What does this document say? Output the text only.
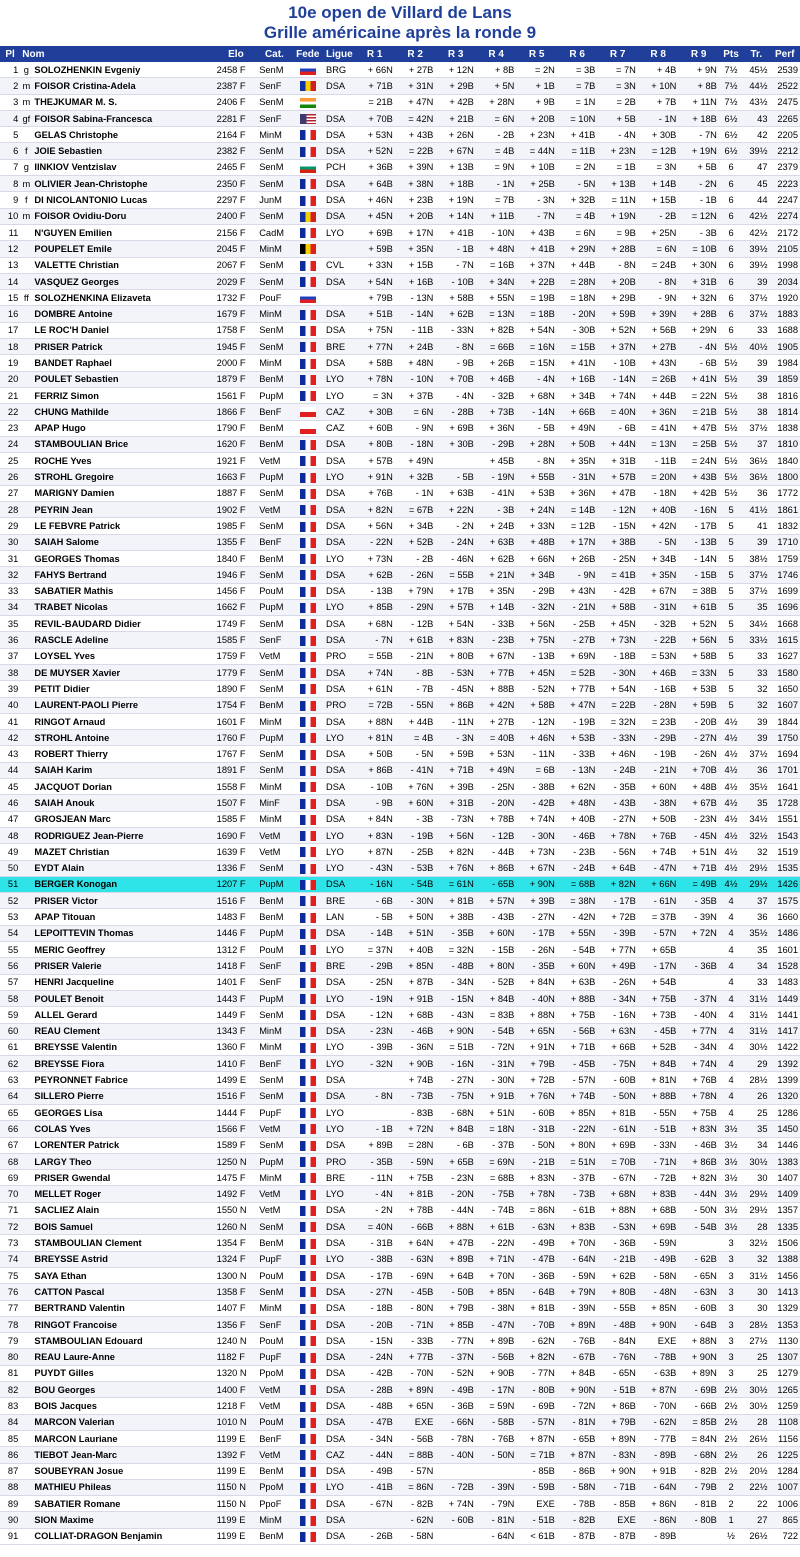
10e open de Villard de Lans
Grille américaine après la ronde 9
Pl	Nom		Elo	Cat.	Fede	Ligue	R 1	R 2	R 3	R 4	R 5	R 6	R 7	R 8	R 9	Pts	Tr.	Perf
1	g	SOLOZHENKIN Evgeniy	2458 F	SenM		BRG	+ 66N	+ 27B	+ 12N	+ 8B	= 2N	= 3B	= 7N	+ 4B	+ 9N	7½	45½	2539
2	m	FOISOR Cristina-Adela	2387 F	SenF		DSA	+ 71B	+ 31N	+ 29B	+ 5N	+ 1B	= 7B	= 3N	+ 10N	+ 8B	7½	44½	2522
3	m	THEJKUMAR M. S.	2406 F	SenM			= 21B	+ 47N	+ 42B	+ 28N	+ 9B	= 1N	= 2B	+ 7B	+ 11N	7½	43½	2475
4	gf	FOISOR Sabina-Francesca	2281 F	SenF		DSA	+ 70B	= 42N	+ 21B	= 6N	+ 20B	= 10N	+ 5B	- 1N	+ 18B	6½	43	2265
5		GELAS Christophe	2164 F	MinM		DSA	+ 53N	+ 43B	+ 26N	- 2B	+ 23N	+ 41B	- 4N	+ 30B	- 7N	6½	42	2205
6	f	JOIE Sebastien	2382 F	SenM		DSA	+ 52N	= 22B	+ 67N	= 4B	= 44N	= 11B	+ 23N	= 12B	+ 19N	6½	39½	2212
7	g	IINKIOV Ventzislav	2465 F	SenM		PCH	+ 36B	+ 39N	+ 13B	= 9N	+ 10B	= 2N	= 1B	= 3N	+ 5B	6	47	2379
8	m	OLIVIER Jean-Christophe	2350 F	SenM		DSA	+ 64B	+ 38N	+ 18B	- 1N	+ 25B	- 5N	+ 13B	+ 14B	- 2N	6	45	2223
9	f	DI NICOLANTONIO Lucas	2297 F	JunM		DSA	+ 46N	+ 23B	+ 19N	= 7B	- 3N	+ 32B	= 11N	+ 15B	- 1B	6	44	2247
10	m	FOISOR Ovidiu-Doru	2400 F	SenM		DSA	+ 45N	+ 20B	+ 14N	+ 11B	- 7N	= 4B	+ 19N	- 2B	= 12N	6	42½	2274
11		N'GUYEN Emilien	2156 F	CadM		LYO	+ 69B	+ 17N	+ 41B	- 10N	+ 43B	= 6N	= 9B	+ 25N	- 3B	6	42½	2172
12		POUPELET Emile	2045 F	MinM			+ 59B	+ 35N	- 1B	+ 48N	+ 41B	+ 29N	+ 28B	= 6N	= 10B	6	39½	2105
13		VALETTE Christian	2067 F	SenM		CVL	+ 33N	+ 15B	- 7N	= 16B	+ 37N	+ 44B	- 8N	= 24B	+ 30N	6	39½	1998
14		VASQUEZ Georges	2029 F	SenM		DSA	+ 54N	+ 16B	- 10B	+ 34N	+ 22B	= 28N	+ 20B	- 8N	+ 31B	6	39	2034
15	ff	SOLOZHENKINA Elizaveta	1732 F	PouF			+ 79B	- 13N	+ 58B	+ 55N	= 19B	= 18N	+ 29B	- 9N	+ 32N	6	37½	1920
16		DOMBRE Antoine	1679 F	MinM		DSA	+ 51B	- 14N	+ 62B	= 13N	= 18B	- 20N	+ 59B	+ 39N	+ 28B	6	37½	1883
17		LE ROC'H Daniel	1758 F	SenM		DSA	+ 75N	- 11B	- 33N	+ 82B	+ 54N	- 30B	+ 52N	+ 56B	+ 29N	6	33	1688
18		PRISER Patrick	1945 F	SenM		BRE	+ 77N	+ 24B	- 8N	= 66B	= 16N	= 15B	+ 37N	+ 27B	- 4N	5½	40½	1905
19		BANDET Raphael	2000 F	MinM		DSA	+ 58B	+ 48N	- 9B	+ 26B	= 15N	+ 41N	- 10B	+ 43N	- 6B	5½	39	1984
20		POULET Sebastien	1879 F	BenM		LYO	+ 78N	- 10N	+ 70B	+ 46B	- 4N	+ 16B	- 14N	= 26B	+ 41N	5½	39	1859
21		FERRIZ Simon	1561 F	PupM		LYO	= 3N	+ 37B	- 4N	- 32B	+ 68N	+ 34B	+ 74N	+ 44B	= 22N	5½	38	1816
22		CHUNG Mathilde	1866 F	BenF		CAZ	+ 30B	= 6N	- 28B	+ 73B	- 14N	+ 66B	= 40N	+ 36N	= 21B	5½	38	1814
23		APAP Hugo	1790 F	BenM		CAZ	+ 60B	- 9N	+ 69B	+ 36N	- 5B	+ 49N	- 6B	= 41N	+ 47B	5½	37½	1838
24		STAMBOULIAN Brice	1620 F	BenM		DSA	+ 80B	- 18N	+ 30B	- 29B	+ 28N	+ 50B	+ 44N	= 13N	= 25B	5½	37	1810
25		ROCHE Yves	1921 F	VetM		DSA	+ 57B	+ 49N		+ 45B	- 8N	+ 35N	+ 31B	- 11B	= 24N	5½	36½	1840
26		STROHL Gregoire	1663 F	PupM		LYO	+ 91N	+ 32B	- 5B	- 19N	+ 55B	- 31N	+ 57B	= 20N	+ 43B	5½	36½	1800
27		MARIGNY Damien	1887 F	SenM		DSA	+ 76B	- 1N	+ 63B	- 41N	+ 53B	+ 36N	+ 47B	- 18N	+ 42B	5½	36	1772
28		PEYRIN Jean	1902 F	VetM		DSA	+ 82N	= 67B	+ 22N	- 3B	+ 24N	= 14B	- 12N	+ 40B	- 16N	5	41½	1861
29		LE FEBVRE Patrick	1985 F	SenM		DSA	+ 56N	+ 34B	- 2N	+ 24B	+ 33N	= 12B	- 15N	+ 42N	- 17B	5	41	1832
30		SAIAH Salome	1355 F	BenF		DSA	- 22N	+ 52B	- 24N	+ 63B	+ 48B	+ 17N	+ 38B	- 5N	- 13B	5	39	1710
31		GEORGES Thomas	1840 F	BenM		LYO	+ 73N	- 2B	- 46N	+ 62B	+ 66N	+ 26B	- 25N	+ 34B	- 14N	5	38½	1759
32		FAHYS Bertrand	1946 F	SenM		DSA	+ 62B	- 26N	= 55B	+ 21N	+ 34B	- 9N	= 41B	+ 35N	- 15B	5	37½	1746
33		SABATIER Mathis	1456 F	PouM		DSA	- 13B	+ 79N	+ 17B	+ 35N	- 29B	+ 43N	- 42B	+ 67N	= 38B	5	37½	1699
34		TRABET Nicolas	1662 F	PupM		LYO	+ 85B	- 29N	+ 57B	+ 14B	- 32N	- 21N	+ 58B	- 31N	+ 61B	5	35	1696
35		REVIL-BAUDARD Didier	1749 F	SenM		DSA	+ 68N	- 12B	+ 54N	- 33B	+ 56N	- 25B	+ 45N	- 32B	+ 52N	5	34½	1668
36		RASCLE Adeline	1585 F	SenF		DSA	- 7N	+ 61B	+ 83N	- 23B	+ 75N	- 27B	+ 73N	- 22B	+ 56N	5	33½	1615
37		LOYSEL Yves	1759 F	VetM		PRO	= 55B	- 21N	+ 80B	+ 67N	- 13B	+ 69N	- 18B	= 53N	+ 58B	5	33	1627
38		DE MUYSER Xavier	1779 F	SenM		DSA	+ 74N	- 8B	- 53N	+ 77B	+ 45N	= 52B	- 30N	+ 46B	= 33N	5	33	1580
39		PETIT Didier	1890 F	SenM		DSA	+ 61N	- 7B	- 45N	+ 88B	- 52N	+ 77B	+ 54N	- 16B	+ 53B	5	32	1650
40		LAURENT-PAOLI Pierre	1754 F	BenM		PRO	= 72B	- 55N	+ 86B	+ 42N	+ 58B	+ 47N	= 22B	- 28N	+ 59B	5	32	1607
41		RINGOT Arnaud	1601 F	MinM		DSA	+ 88N	+ 44B	- 11N	+ 27B	- 12N	- 19B	= 32N	= 23B	- 20B	4½	39	1844
42		STROHL Antoine	1760 F	PupM		LYO	+ 81N	= 4B	- 3N	= 40B	+ 46N	+ 53B	- 33N	- 29B	- 27N	4½	39	1750
43		ROBERT Thierry	1767 F	SenM		DSA	+ 50B	- 5N	+ 59B	+ 53N	- 11N	- 33B	+ 46N	- 19B	- 26N	4½	37½	1694
44		SAIAH Karim	1891 F	SenM		DSA	+ 86B	- 41N	+ 71B	+ 49N	= 6B	- 13N	- 24B	- 21N	+ 70B	4½	36	1701
45		JACQUOT Dorian	1558 F	MinM		DSA	- 10B	+ 76N	+ 39B	- 25N	- 38B	+ 62N	- 35B	+ 60N	+ 48B	4½	35½	1641
46		SAIAH Anouk	1507 F	MinF		DSA	- 9B	+ 60N	+ 31B	- 20N	- 42B	+ 48N	- 43B	- 38N	+ 67B	4½	35	1728
47		GROSJEAN Marc	1585 F	MinM		DSA	+ 84N	- 3B	- 73N	+ 78B	+ 74N	+ 40B	- 27N	+ 50B	- 23N	4½	34½	1551
48		RODRIGUEZ Jean-Pierre	1690 F	VetM		LYO	+ 83N	- 19B	+ 56N	- 12B	- 30N	- 46B	+ 78N	+ 76B	- 45N	4½	32½	1543
49		MAZET Christian	1639 F	VetM		LYO	+ 87N	- 25B	+ 82N	- 44B	+ 73N	- 23B	- 56N	+ 74B	+ 51N	4½	32	1519
50		EYDT Alain	1336 F	SenM		LYO	- 43N	- 53B	+ 76N	+ 86B	+ 67N	- 24B	+ 64B	- 47N	+ 71B	4½	29½	1535
51		BERGER Konogan	1207 F	PupM		DSA	- 16N	- 54B	= 61N	- 65B	+ 90N	= 68B	+ 82N	+ 66N	= 49B	4½	29½	1426
52		PRISER Victor	1516 F	BenM		BRE	- 6B	- 30N	+ 81B	+ 57N	+ 39B	= 38N	- 17B	- 61N	- 35B	4	37	1575
53		APAP Titouan	1483 F	BenM		LAN	- 5B	+ 50N	+ 38B	- 43B	- 27N	- 42N	+ 72B	= 37B	- 39N	4	36	1660
54		LEPOITTEVIN Thomas	1446 F	PupM		DSA	- 14B	+ 51N	- 35B	+ 60N	- 17B	+ 55N	- 39B	- 57N	+ 72N	4	35½	1486
55		MERIC Geoffrey	1312 F	PouM		LYO	= 37N	+ 40B	= 32N	- 15B	- 26N	- 54B	+ 77N	+ 65B		4	35	1601
56		PRISER Valerie	1418 F	SenF		BRE	- 29B	+ 85N	- 48B	+ 80N	- 35B	+ 60N	+ 49B	- 17N	- 36B	4	34	1528
57		HENRI Jacqueline	1401 F	SenF		DSA	- 25N	+ 87B	- 34N	- 52B	+ 84N	+ 63B	- 26N	+ 54B		4	33	1483
58		POULET Benoit	1443 F	PupM		LYO	- 19N	+ 91B	- 15N	+ 84B	- 40N	+ 88B	- 34N	+ 75B	- 37N	4	31½	1449
59		ALLEL Gerard	1449 F	SenM		DSA	- 12N	+ 68B	- 43N	= 83B	+ 88N	+ 75B	- 16N	+ 73B	- 40N	4	31½	1441
60		REAU Clement	1343 F	MinM		DSA	- 23N	- 46B	+ 90N	- 54B	+ 65N	- 56B	+ 63N	- 45B	+ 77N	4	31½	1417
61		BREYSSE Valentin	1360 F	MinM		LYO	- 39B	- 36N	= 51B	- 72N	+ 91N	+ 71B	+ 66B	+ 52B	- 34N	4	30½	1422
62		BREYSSE Fiora	1410 F	BenF		LYO	- 32N	+ 90B	- 16N	- 31N	+ 79B	- 45B	- 75N	+ 84B	+ 74N	4	29	1392
63		PEYRONNET Fabrice	1499 E	SenM		DSA		+ 74B	- 27N	- 30N	+ 72B	- 57N	- 60B	+ 81N	+ 76B	4	28½	1399
64		SILLERO Pierre	1516 F	SenM		DSA	- 8N	- 73B	- 75N	+ 91B	+ 76N	+ 74B	- 50N	+ 88B	+ 78N	4	26	1320
65		GEORGES Lisa	1444 F	PupF		LYO		- 83B	- 68N	+ 51N	- 60B	+ 85N	+ 81B	- 55N	+ 75B	4	25	1286
66		COLAS Yves	1566 F	VetM		LYO	- 1B	+ 72N	+ 84B	= 18N	- 31B	- 22N	- 61N	- 51B	+ 83N	3½	35	1450
67		LORENTER Patrick	1589 F	SenM		DSA	+ 89B	= 28N	- 6B	- 37B	- 50N	+ 80N	+ 69B	- 33N	- 46B	3½	34	1446
68		LARGY Theo	1250 N	PupM		PRO	- 35B	- 59N	+ 65B	= 69N	- 21B	= 51N	= 70B	- 71N	+ 86B	3½	30½	1383
69		PRISER Gwendal	1475 F	MinM		BRE	- 11N	+ 75B	- 23N	= 68B	+ 83N	- 37B	- 67N	- 72B	+ 82N	3½	30	1407
70		MELLET Roger	1492 F	VetM		LYO	- 4N	+ 81B	- 20N	- 75B	+ 78N	- 73B	+ 68N	+ 83B	- 44N	3½	29½	1409
71		SACLIEZ Alain	1550 N	VetM		DSA	- 2N	+ 78B	- 44N	- 74B	= 86N	- 61B	+ 88N	+ 68B	- 50N	3½	29½	1357
72		BOIS Samuel	1260 N	SenM		DSA	= 40N	- 66B	+ 88N	+ 61B	- 63N	+ 83B	- 53N	+ 69B	- 54B	3½	28	1335
73		STAMBOULIAN Clement	1354 F	BenM		DSA	- 31B	+ 64N	+ 47B	- 22N	- 49B	+ 70N	- 36B	- 59N		3	32½	1506
74		BREYSSE Astrid	1324 F	PupF		LYO	- 38B	- 63N	+ 89B	+ 71N	- 47B	- 64N	- 21B	- 49B	- 62B	3	32	1388
75		SAYA Ethan	1300 N	PouM		DSA	- 17B	- 69N	+ 64B	+ 70N	- 36B	- 59N	+ 62B	- 58N	- 65N	3	31½	1456
76		CATTON Pascal	1358 F	SenM		DSA	- 27N	- 45B	- 50B	+ 85N	- 64B	+ 79N	+ 80B	- 48N	- 63N	3	30	1413
77		BERTRAND Valentin	1407 F	MinM		DSA	- 18B	- 80N	+ 79B	- 38N	+ 81B	- 39N	- 55B	+ 85N	- 60B	3	30	1329
78		RINGOT Francoise	1356 F	SenF		DSA	- 20B	- 71N	+ 85B	- 47N	- 70B	+ 89N	- 48B	+ 90N	- 64B	3	28½	1353
79		STAMBOULIAN Edouard	1240 N	PouM		DSA	- 15N	- 33B	- 77N	+ 89B	- 62N	- 76B	- 84N	EXE	+ 88N	3	27½	1130
80		REAU Laure-Anne	1182 F	PupF		DSA	- 24N	+ 77B	- 37N	- 56B	+ 82N	- 67B	- 76N	- 78B	+ 90N	3	25	1307
81		PUYDT Gilles	1320 N	PpoM		DSA	- 42B	- 70N	- 52N	+ 90B	- 77N	+ 84B	- 65N	- 63B	+ 89N	3	25	1279
82		BOU Georges	1400 F	VetM		DSA	- 28B	+ 89N	- 49B	- 17N	- 80B	+ 90N	- 51B	+ 87N	- 69B	2½	30½	1265
83		BOIS Jacques	1218 F	VetM		DSA	- 48B	+ 65N	- 36B	= 59N	- 69B	- 72N	+ 86B	- 70N	- 66B	2½	30½	1259
84		MARCON Valerian	1010 N	PouM		DSA	- 47B	EXE	- 66N	- 58B	- 57N	- 81N	+ 79B	- 62N	= 85B	2½	28	1108
85		MARCON Lauriane	1199 E	BenF		DSA	- 34N	- 56B	- 78N	- 76B	+ 87N	- 65B	+ 89N	- 77B	= 84N	2½	26½	1156
86		TIEBOT Jean-Marc	1392 F	VetM		CAZ	- 44N	= 88B	- 40N	- 50N	= 71B	+ 87N	- 83N	- 89B	- 68N	2½	26	1225
87		SOUBEYRAN Josue	1199 E	BenM		DSA	- 49B	- 57N			- 85B	- 86B	+ 90N	+ 91B	- 82B	2½	20½	1284
88		MATHIEU Phileas	1150 N	PpoM		LYO	- 41B	= 86N	- 72B	- 39N	- 59B	- 58N	- 71B	- 64N	- 79B	2	22½	1007
89		SABATIER Romane	1150 N	PpoF		DSA	- 67N	- 82B	+ 74N	- 79N	EXE	- 78B	- 85B	+ 86N	- 81B	2	22	1006
90		SION Maxime	1199 E	MinM		DSA		- 62N	- 60B	- 81N	- 51B	- 82B	EXE	- 86N	- 80B	1	27	865
91		COLLIAT-DRAGON Benjamin	1199 E	BenM		DSA	- 26B	- 58N		- 64N	< 61B	- 87B	- 87B	- 89B		½	26½	722
